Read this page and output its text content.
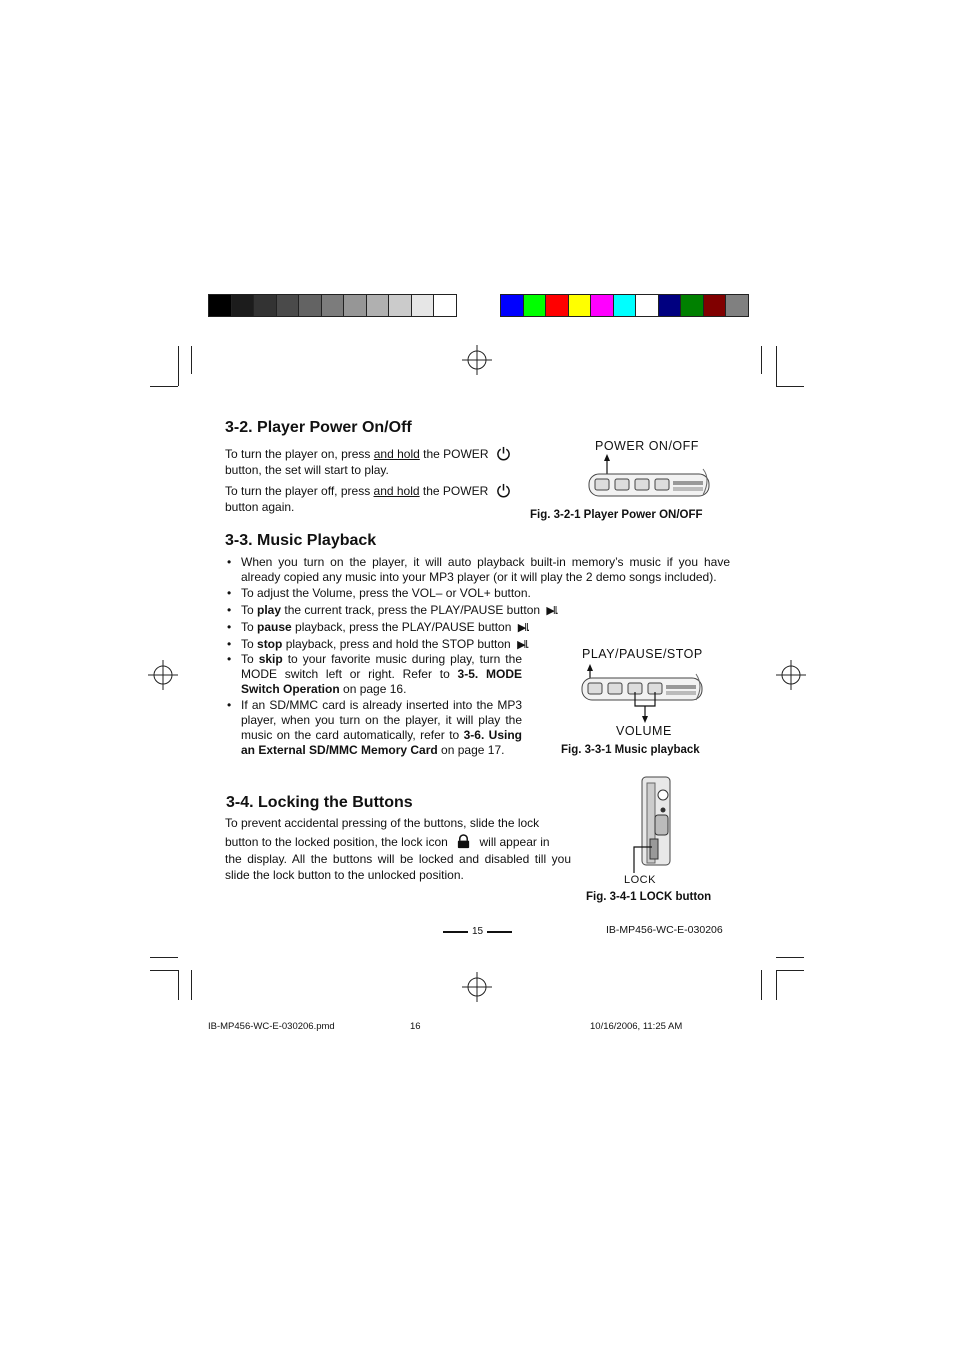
3-2. Player Power On/Off
To turn the player on, press and hold the POWER
button, the set will start to play.
To turn the player off, press and hold the POWER
button again.
POWER ON/OFF
Fig. 3-2-1 Player Power ON/OFF
3-3. Music Playback
• When you turn on the player, it will auto playback built-in memory’s music if you have already copied any music into your MP3 player (or it will play the 2 demo songs included).
• To adjust the Volume, press the VOL– or VOL+ button.
• To play the current track, press the PLAY/PAUSE button ▶‖.
• To pause playback, press the PLAY/PAUSE button ▶‖.
• To stop playback, press and hold the STOP button ▶‖.
• To skip to your favorite music during play, turn the MODE switch left or right. Refer to 3-5. MODE Switch Operation on page 16.
• If an SD/MMC card is already inserted into the MP3 player, when you turn on the player, it will play the music on the card automatically, refer to 3-6. Using an External SD/MMC Memory Card on page 17.
PLAY/PAUSE/STOP
VOLUME
Fig. 3-3-1 Music playback
3-4. Locking the Buttons
To prevent accidental pressing of the buttons, slide the lock
button to the locked position, the lock icon	will appear in
the display. All the buttons will be locked and disabled till you slide the lock button to the unlocked position.	LOCK
Fig. 3-4-1 LOCK button
15	IB-MP456-WC-E-030206
IB-MP456-WC-E-030206.pmd	16	10/16/2006, 11:25 AM
